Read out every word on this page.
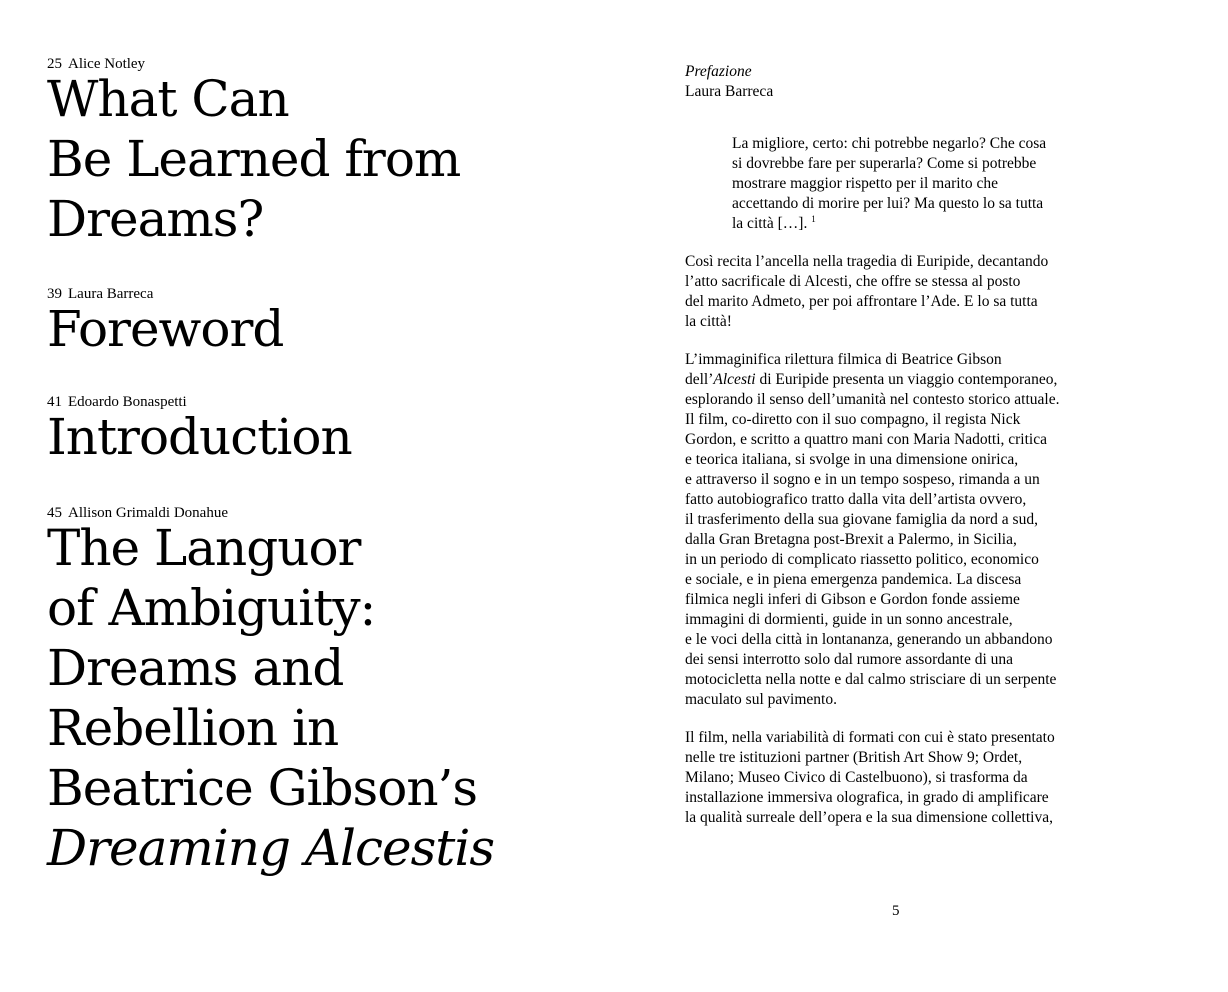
25 Alice Notley
What Can
Be Learned from
Dreams?
39 Laura Barreca
Foreword
41 Edoardo Bonaspetti
Introduction
45 Allison Grimaldi Donahue
The Languor
of Ambiguity:
Dreams and
Rebellion in
Beatrice Gibson’s
Dreaming Alcestis
Prefazione
Laura Barreca
La migliore, certo: chi potrebbe negarlo? Che cosa
si dovrebbe fare per superarla? Come si potrebbe
mostrare maggior rispetto per il marito che
accettando di morire per lui? Ma questo lo sa tutta
la città […]. $^1$
Così recita l’ancella nella tragedia di Euripide, decantando
l’atto sacrificale di Alcesti, che offre se stessa al posto
del marito Admeto, per poi affrontare l’Ade. E lo sa tutta
la città!
L’immaginifica rilettura filmica di Beatrice Gibson
dell’Alcesti di Euripide presenta un viaggio contemporaneo,
esplorando il senso dell’umanità nel contesto storico attuale.
Il film, co-diretto con il suo compagno, il regista Nick
Gordon, e scritto a quattro mani con Maria Nadotti, critica
e teorica italiana, si svolge in una dimensione onirica,
e attraverso il sogno e in un tempo sospeso, rimanda a un
fatto autobiografico tratto dalla vita dell’artista ovvero,
il trasferimento della sua giovane famiglia da nord a sud,
dalla Gran Bretagna post-Brexit a Palermo, in Sicilia,
in un periodo di complicato riassetto politico, economico
e sociale, e in piena emergenza pandemica. La discesa
filmica negli inferi di Gibson e Gordon fonde assieme
immagini di dormienti, guide in un sonno ancestrale,
e le voci della città in lontananza, generando un abbandono
dei sensi interrotto solo dal rumore assordante di una
motocicletta nella notte e dal calmo strisciare di un serpente
maculato sul pavimento.
Il film, nella variabilità di formati con cui è stato presentato
nelle tre istituzioni partner (British Art Show 9; Ordet,
Milano; Museo Civico di Castelbuono), si trasforma da
installazione immersiva olografica, in grado di amplificare
la qualità surreale dell’opera e la sua dimensione collettiva,
5
